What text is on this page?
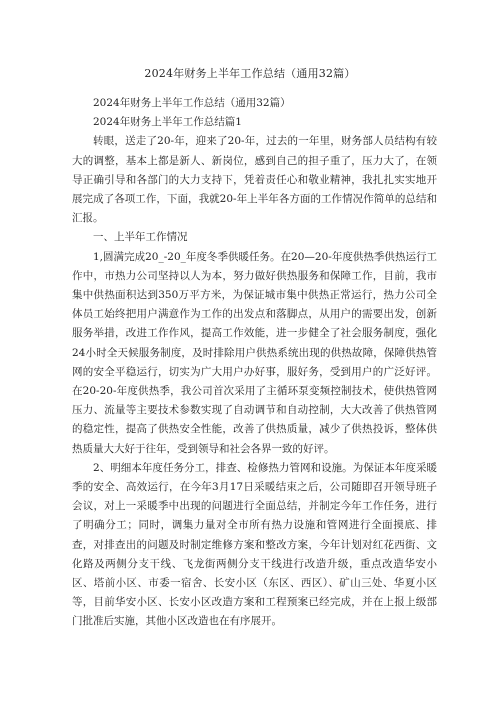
2024年财务上半年工作总结（通用32篇）

2024年财务上半年工作总结（通用32篇）

2024年财务上半年工作总结篇1

转眼，送走了20-年，迎来了20-年，过去的一年里，财务部人员结构有较大的调整，基本上都是新人、新岗位，感到自己的担子重了，压力大了，在领导正确引导和各部门的大力支持下，凭着责任心和敬业精神，我扎扎实实地开展完成了各项工作，下面，我就20-年上半年各方面的工作情况作简单的总结和汇报。

一、上半年工作情况

1,圆满完成20_-20_年度冬季供暖任务。在20—20-年度供热季供热运行工作中，市热力公司坚持以人为本，努力做好供热服务和保障工作，目前，我市集中供热面积达到350万平方米，为保证城市集中供热正常运行，热力公司全体员工始终把用户满意作为工作的出发点和落脚点，从用户的需要出发，创新服务举措，改进工作作风，提高工作效能，进一步健全了社会服务制度，强化24小时全天候服务制度，及时排除用户供热系统出现的供热故障，保障供热管网的安全平稳运行，切实为广大用户办好事，服好务，受到用户的广泛好评。在20-20-年度供热季，我公司首次采用了主循环泵变频控制技术，使供热管网压力、流量等主要技术参数实现了自动调节和自动控制，大大改善了供热管网的稳定性，提高了供热安全性能，改善了供热质量，减少了供热投诉，整体供热质量大大好于往年，受到领导和社会各界一致的好评。

2、明细本年度任务分工，排查、检修热力管网和设施。为保证本年度采暖季的安全、高效运行，在今年3月17日采暖结束之后，公司随即召开领导班子会议，对上一采暖季中出现的问题进行全面总结，并制定今年工作任务，进行了明确分工；同时，调集力量对全市所有热力设施和管网进行全面摸底、排查，对排查出的问题及时制定维修方案和整改方案，今年计划对红花西街、文化路及两侧分支干线、飞龙街两侧分支干线进行改造升级，重点改造华安小区、塔前小区、市委一宿舍、长安小区（东区、西区）、矿山三处、华夏小区等，目前华安小区、长安小区改造方案和工程预案已经完成，并在上报上级部门批准后实施，其他小区改造也在有序展开。
